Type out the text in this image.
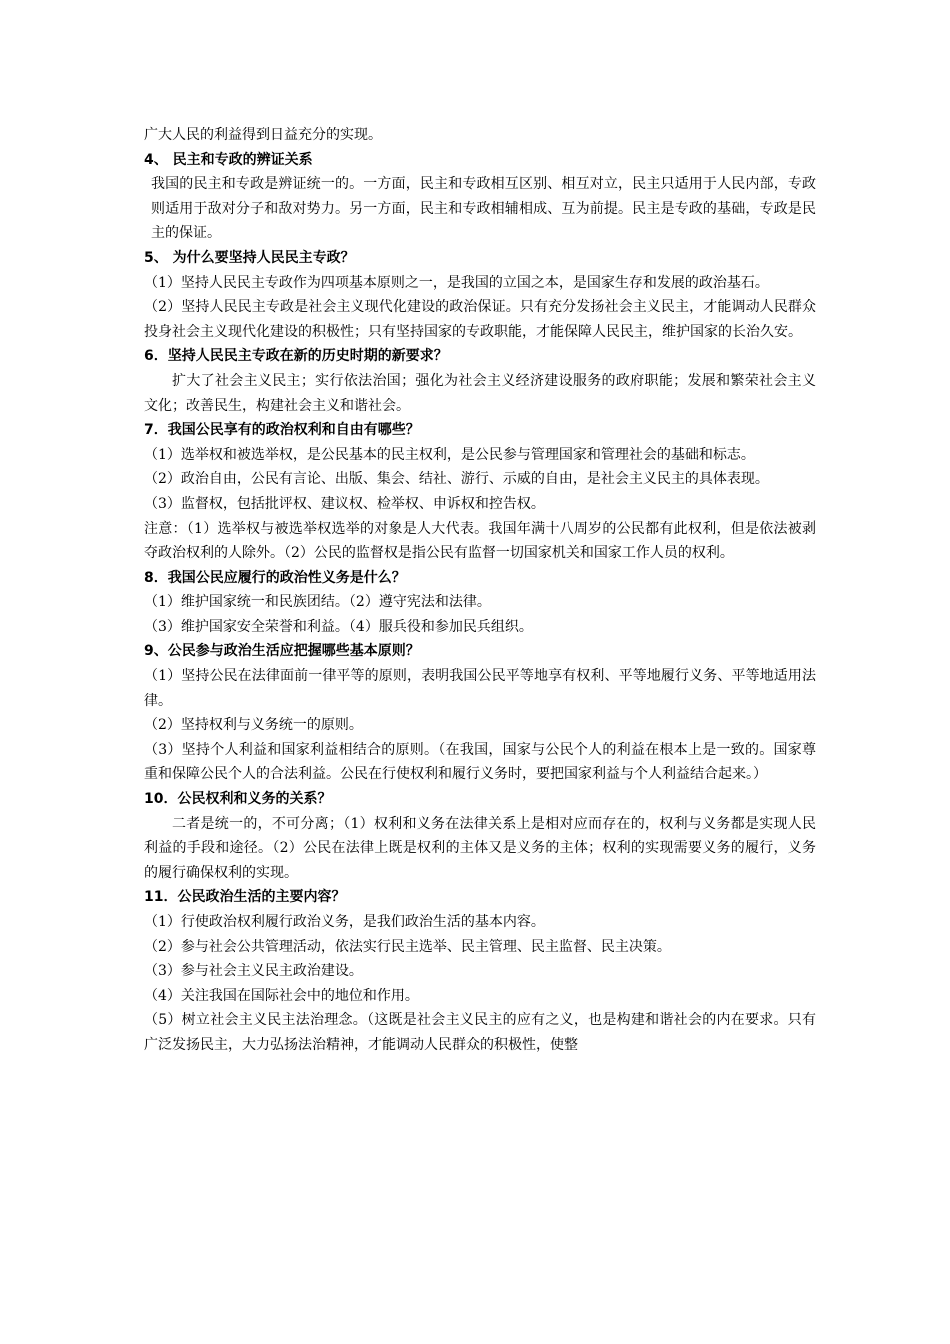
广大人民的利益得到日益充分的实现。

4、 民主和专政的辨证关系

我国的民主和专政是辨证统一的。一方面，民主和专政相互区别、相互对立，民主只适用于人民内部，专政则适用于敌对分子和敌对势力。另一方面，民主和专政相辅相成、互为前提。民主是专政的基础，专政是民主的保证。

5、 为什么要坚持人民民主专政？

（1）坚持人民民主专政作为四项基本原则之一，是我国的立国之本，是国家生存和发展的政治基石。

（2）坚持人民民主专政是社会主义现代化建设的政治保证。只有充分发扬社会主义民主，才能调动人民群众投身社会主义现代化建设的积极性；只有坚持国家的专政职能，才能保障人民民主，维护国家的长治久安。

6．坚持人民民主专政在新的历史时期的新要求？

扩大了社会主义民主；实行依法治国；强化为社会主义经济建设服务的政府职能；发展和繁荣社会主义 文化；改善民生，构建社会主义和谐社会。

7．我国公民享有的政治权利和自由有哪些？

（1）选举权和被选举权，是公民基本的民主权利，是公民参与管理国家和管理社会的基础和标志。

（2）政治自由，公民有言论、出版、集会、结社、游行、示威的自由，是社会主义民主的具体表现。

（3）监督权，包括批评权、建议权、检举权、申诉权和控告权。

注意：（1）选举权与被选举权选举的对象是人大代表。我国年满十八周岁的公民都有此权利，但是依法被剥夺政治权利的人除外。（2）公民的监督权是指公民有监督一切国家机关和国家工作人员的权利。

8．我国公民应履行的政治性义务是什么？

（1）维护国家统一和民族团结。（2）遵守宪法和法律。

（3）维护国家安全荣誉和利益。（4）服兵役和参加民兵组织。

9、公民参与政治生活应把握哪些基本原则？

（1）坚持公民在法律面前一律平等的原则，表明我国公民平等地享有权利、平等地履行义务、平等地适用法律。

（2）坚持权利与义务统一的原则。

（3）坚持个人利益和国家利益相结合的原则。（在我国，国家与公民个人的利益在根本上是一致的。国家尊重和保障公民个人的合法利益。公民在行使权利和履行义务时，要把国家利益与个人利益结合起来。）

10．公民权利和义务的关系？

二者是统一的，不可分离；（1）权利和义务在法律关系上是相对应而存在的，权利与义务都是实现人民利益的手段和途径。（2）公民在法律上既是权利的主体又是义务的主体；权利的实现需要义务的履行，义务的履行确保权利的实现。

11．公民政治生活的主要内容？

（1）行使政治权利履行政治义务，是我们政治生活的基本内容。

（2）参与社会公共管理活动，依法实行民主选举、民主管理、民主监督、民主决策。

（3）参与社会主义民主政治建设。

（4）关注我国在国际社会中的地位和作用。

（5）树立社会主义民主法治理念。（这既是社会主义民主的应有之义，也是构建和谐社会的内在要求。只有广泛发扬民主，大力弘扬法治精神，才能调动人民群众的积极性，使整
